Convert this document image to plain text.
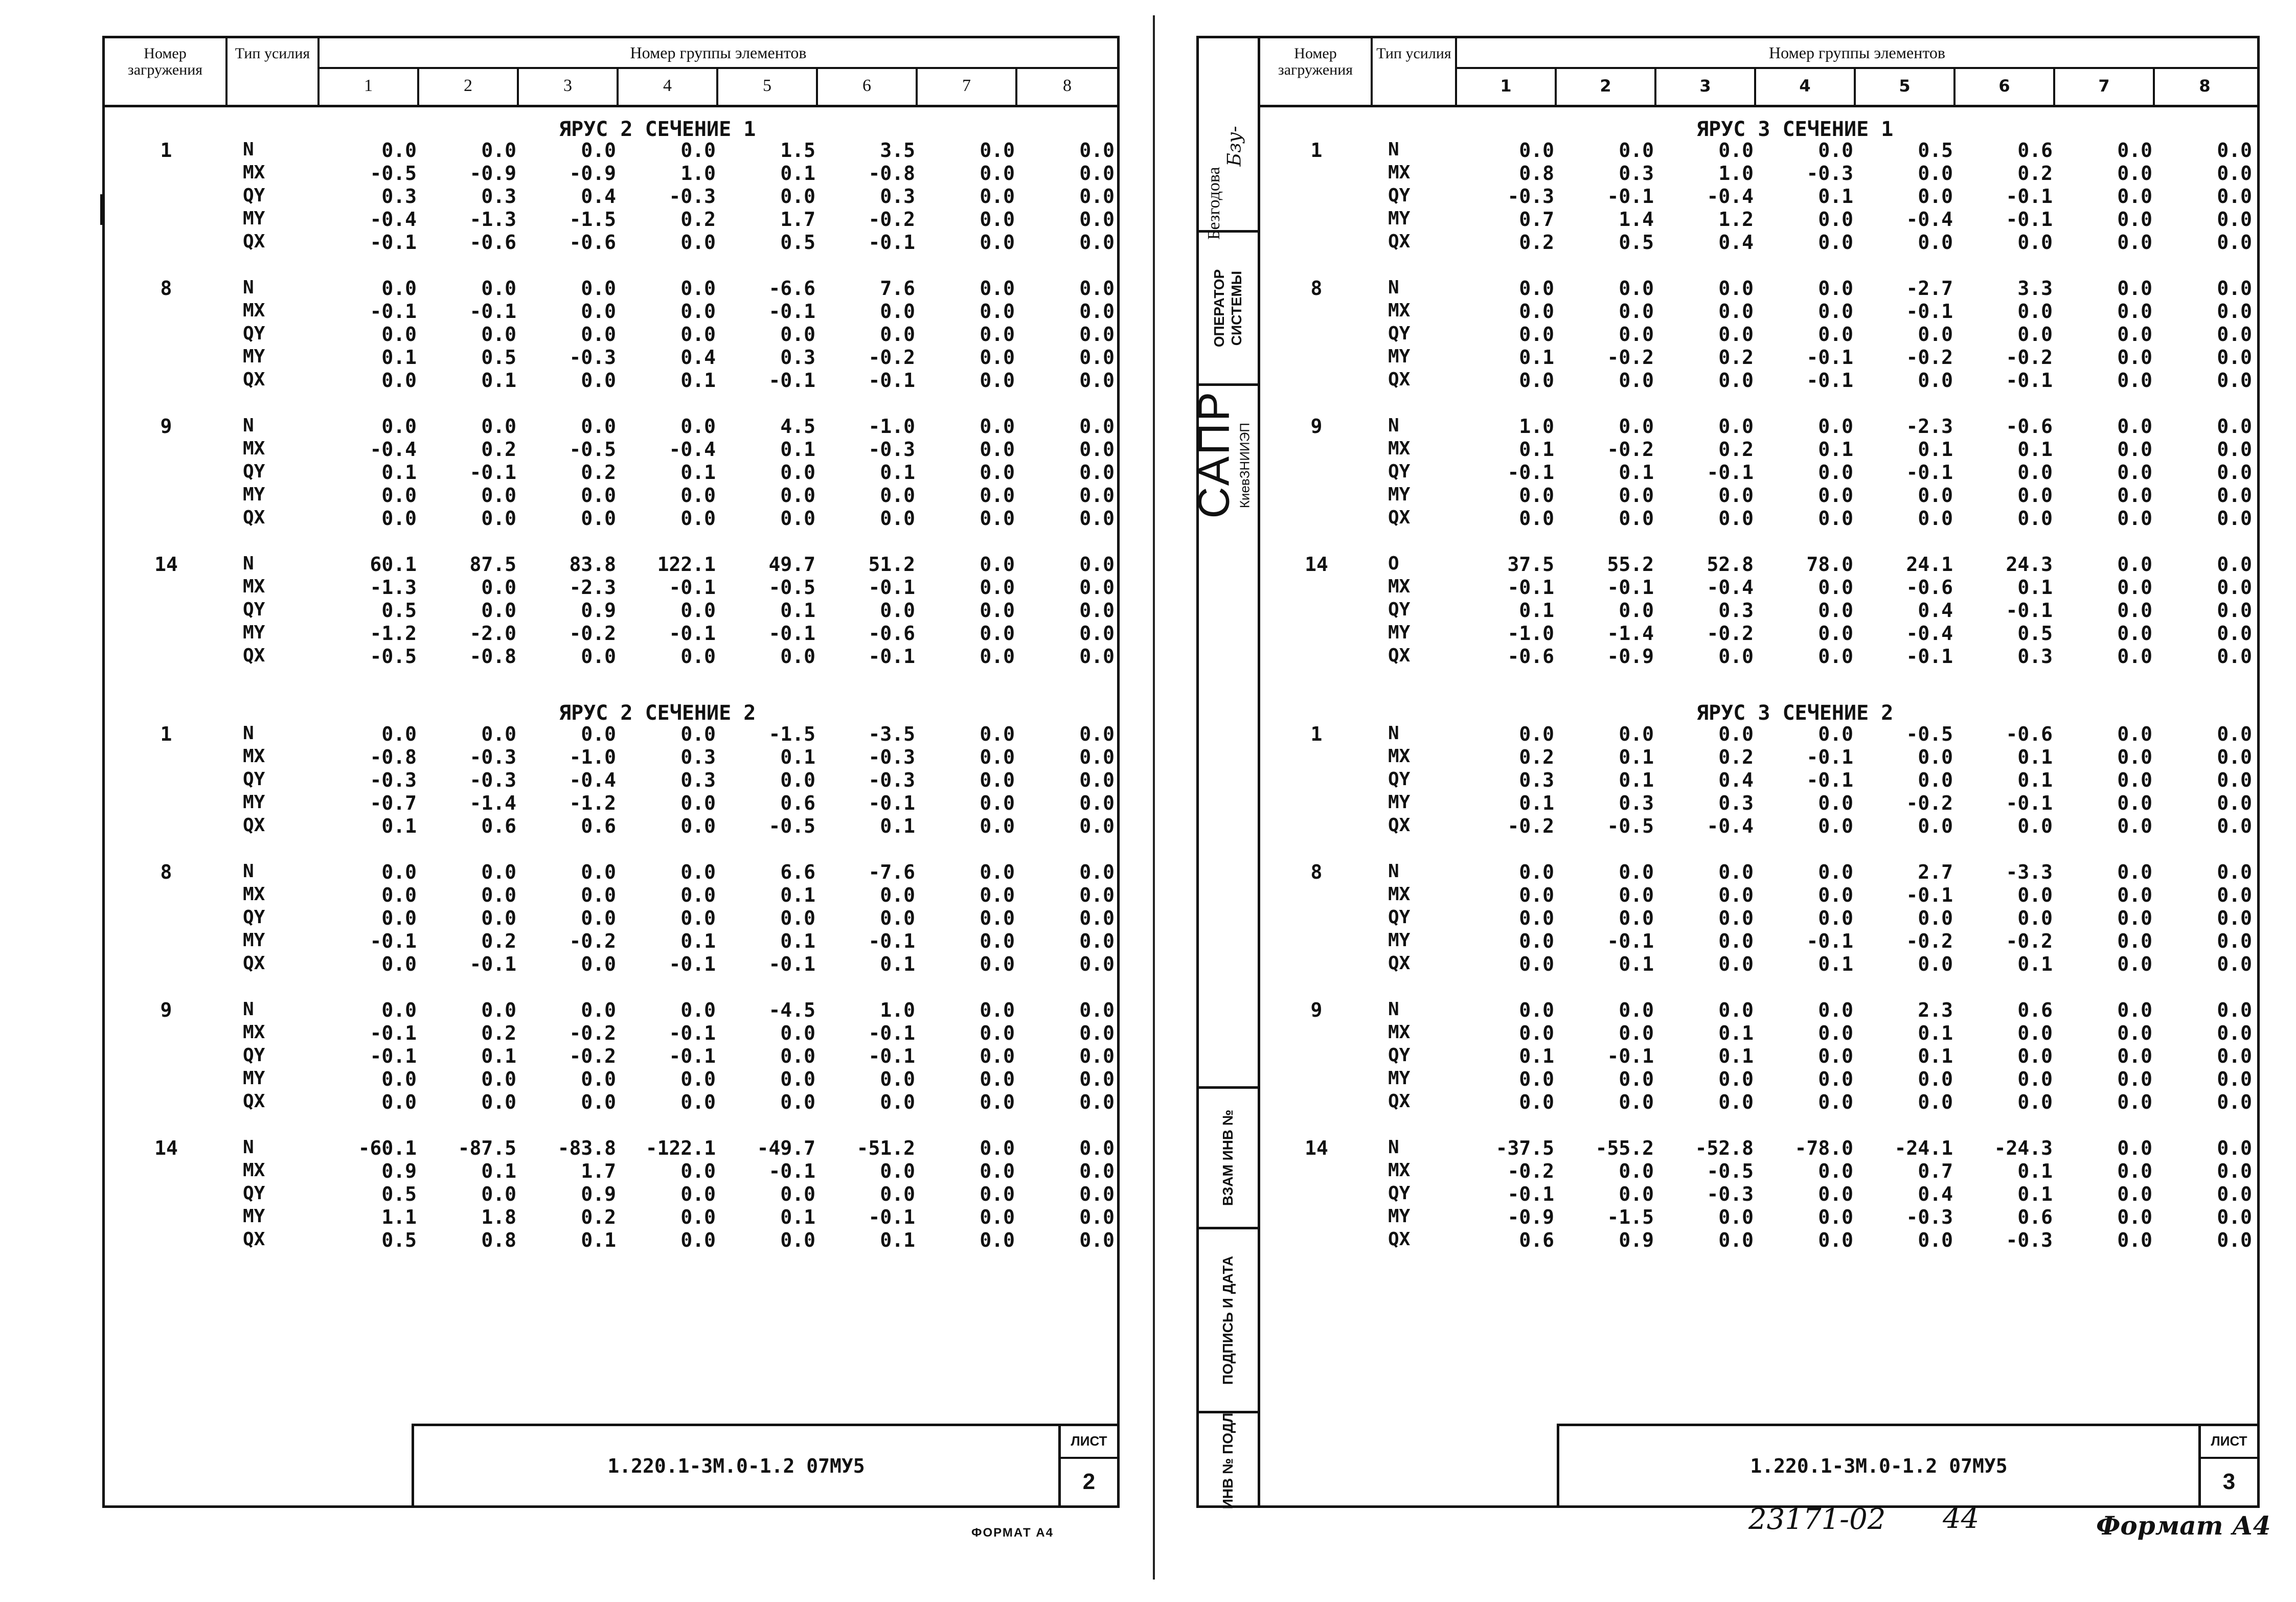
Номер загружения
Тип усилия	Номер группы элементов
1	2	3	4	5	6	7	8
ЯРУС 2 СЕЧЕНИЕ 1
1	N	0.0	0.0	0.0	0.0	1.5	3.5	0.0	0.0
MX	-0.5	-0.9	-0.9	1.0	0.1	-0.8	0.0	0.0
QY	0.3	0.3	0.4	-0.3	0.0	0.3	0.0	0.0
MY	-0.4	-1.3	-1.5	0.2	1.7	-0.2	0.0	0.0
QX	-0.1	-0.6	-0.6	0.0	0.5	-0.1	0.0	0.0
8	N	0.0	0.0	0.0	0.0	-6.6	7.6	0.0	0.0
MX	-0.1	-0.1	0.0	0.0	-0.1	0.0	0.0	0.0
QY	0.0	0.0	0.0	0.0	0.0	0.0	0.0	0.0
MY	0.1	0.5	-0.3	0.4	0.3	-0.2	0.0	0.0
QX	0.0	0.1	0.0	0.1	-0.1	-0.1	0.0	0.0
9	N	0.0	0.0	0.0	0.0	4.5	-1.0	0.0	0.0
MX	-0.4	0.2	-0.5	-0.4	0.1	-0.3	0.0	0.0
QY	0.1	-0.1	0.2	0.1	0.0	0.1	0.0	0.0
MY	0.0	0.0	0.0	0.0	0.0	0.0	0.0	0.0
QX	0.0	0.0	0.0	0.0	0.0	0.0	0.0	0.0
14	N	60.1	87.5	83.8	122.1	49.7	51.2	0.0	0.0
MX	-1.3	0.0	-2.3	-0.1	-0.5	-0.1	0.0	0.0
QY	0.5	0.0	0.9	0.0	0.1	0.0	0.0	0.0
MY	-1.2	-2.0	-0.2	-0.1	-0.1	-0.6	0.0	0.0
QX	-0.5	-0.8	0.0	0.0	0.0	-0.1	0.0	0.0
ЯРУС 2 СЕЧЕНИЕ 2
1	N	0.0	0.0	0.0	0.0	-1.5	-3.5	0.0	0.0
MX	-0.8	-0.3	-1.0	0.3	0.1	-0.3	0.0	0.0
QY	-0.3	-0.3	-0.4	0.3	0.0	-0.3	0.0	0.0
MY	-0.7	-1.4	-1.2	0.0	0.6	-0.1	0.0	0.0
QX	0.1	0.6	0.6	0.0	-0.5	0.1	0.0	0.0
8	N	0.0	0.0	0.0	0.0	6.6	-7.6	0.0	0.0
MX	0.0	0.0	0.0	0.0	0.1	0.0	0.0	0.0
QY	0.0	0.0	0.0	0.0	0.0	0.0	0.0	0.0
MY	-0.1	0.2	-0.2	0.1	0.1	-0.1	0.0	0.0
QX	0.0	-0.1	0.0	-0.1	-0.1	0.1	0.0	0.0
9	N	0.0	0.0	0.0	0.0	-4.5	1.0	0.0	0.0
MX	-0.1	0.2	-0.2	-0.1	0.0	-0.1	0.0	0.0
QY	-0.1	0.1	-0.2	-0.1	0.0	-0.1	0.0	0.0
MY	0.0	0.0	0.0	0.0	0.0	0.0	0.0	0.0
QX	0.0	0.0	0.0	0.0	0.0	0.0	0.0	0.0
14	N	-60.1	-87.5	-83.8	-122.1	-49.7	-51.2	0.0	0.0
MX	0.9	0.1	1.7	0.0	-0.1	0.0	0.0	0.0
QY	0.5	0.0	0.9	0.0	0.0	0.0	0.0	0.0
MY	1.1	1.8	0.2	0.0	0.1	-0.1	0.0	0.0
QX	0.5	0.8	0.1	0.0	0.0	0.1	0.0	0.0
1.220.1-3М.0-1.2 07МУ5
ЛИСТ
2
ФОРМАТ А4
Безгодова
Бзу-
ОПЕРАТОР СИСТЕМЫ
САПР
КиевЗНИИЭП
ВЗАМ ИНВ №
ПОДПИСЬ И ДАТА
ИНВ № ПОДЛ
Номер загружения
Тип усилия	Номер группы элементов
1	2	3	4	5	6	7	8
ЯРУС 3 СЕЧЕНИЕ 1
1	N	0.0	0.0	0.0	0.0	0.5	0.6	0.0	0.0
MX	0.8	0.3	1.0	-0.3	0.0	0.2	0.0	0.0
QY	-0.3	-0.1	-0.4	0.1	0.0	-0.1	0.0	0.0
MY	0.7	1.4	1.2	0.0	-0.4	-0.1	0.0	0.0
QX	0.2	0.5	0.4	0.0	0.0	0.0	0.0	0.0
8	N	0.0	0.0	0.0	0.0	-2.7	3.3	0.0	0.0
MX	0.0	0.0	0.0	0.0	-0.1	0.0	0.0	0.0
QY	0.0	0.0	0.0	0.0	0.0	0.0	0.0	0.0
MY	0.1	-0.2	0.2	-0.1	-0.2	-0.2	0.0	0.0
QX	0.0	0.0	0.0	-0.1	0.0	-0.1	0.0	0.0
9	N	1.0	0.0	0.0	0.0	-2.3	-0.6	0.0	0.0
MX	0.1	-0.2	0.2	0.1	0.1	0.1	0.0	0.0
QY	-0.1	0.1	-0.1	0.0	-0.1	0.0	0.0	0.0
MY	0.0	0.0	0.0	0.0	0.0	0.0	0.0	0.0
QX	0.0	0.0	0.0	0.0	0.0	0.0	0.0	0.0
14	O	37.5	55.2	52.8	78.0	24.1	24.3	0.0	0.0
MX	-0.1	-0.1	-0.4	0.0	-0.6	0.1	0.0	0.0
QY	0.1	0.0	0.3	0.0	0.4	-0.1	0.0	0.0
MY	-1.0	-1.4	-0.2	0.0	-0.4	0.5	0.0	0.0
QX	-0.6	-0.9	0.0	0.0	-0.1	0.3	0.0	0.0
ЯРУС 3 СЕЧЕНИЕ 2
1	N	0.0	0.0	0.0	0.0	-0.5	-0.6	0.0	0.0
MX	0.2	0.1	0.2	-0.1	0.0	0.1	0.0	0.0
QY	0.3	0.1	0.4	-0.1	0.0	0.1	0.0	0.0
MY	0.1	0.3	0.3	0.0	-0.2	-0.1	0.0	0.0
QX	-0.2	-0.5	-0.4	0.0	0.0	0.0	0.0	0.0
8	N	0.0	0.0	0.0	0.0	2.7	-3.3	0.0	0.0
MX	0.0	0.0	0.0	0.0	-0.1	0.0	0.0	0.0
QY	0.0	0.0	0.0	0.0	0.0	0.0	0.0	0.0
MY	0.0	-0.1	0.0	-0.1	-0.2	-0.2	0.0	0.0
QX	0.0	0.1	0.0	0.1	0.0	0.1	0.0	0.0
9	N	0.0	0.0	0.0	0.0	2.3	0.6	0.0	0.0
MX	0.0	0.0	0.1	0.0	0.1	0.0	0.0	0.0
QY	0.1	-0.1	0.1	0.0	0.1	0.0	0.0	0.0
MY	0.0	0.0	0.0	0.0	0.0	0.0	0.0	0.0
QX	0.0	0.0	0.0	0.0	0.0	0.0	0.0	0.0
14	N	-37.5	-55.2	-52.8	-78.0	-24.1	-24.3	0.0	0.0
MX	-0.2	0.0	-0.5	0.0	0.7	0.1	0.0	0.0
QY	-0.1	0.0	-0.3	0.0	0.4	0.1	0.0	0.0
MY	-0.9	-1.5	0.0	0.0	-0.3	0.6	0.0	0.0
QX	0.6	0.9	0.0	0.0	0.0	-0.3	0.0	0.0
1.220.1-3М.0-1.2 07МУ5
ЛИСТ
3
23171-02 44	Формат А4
